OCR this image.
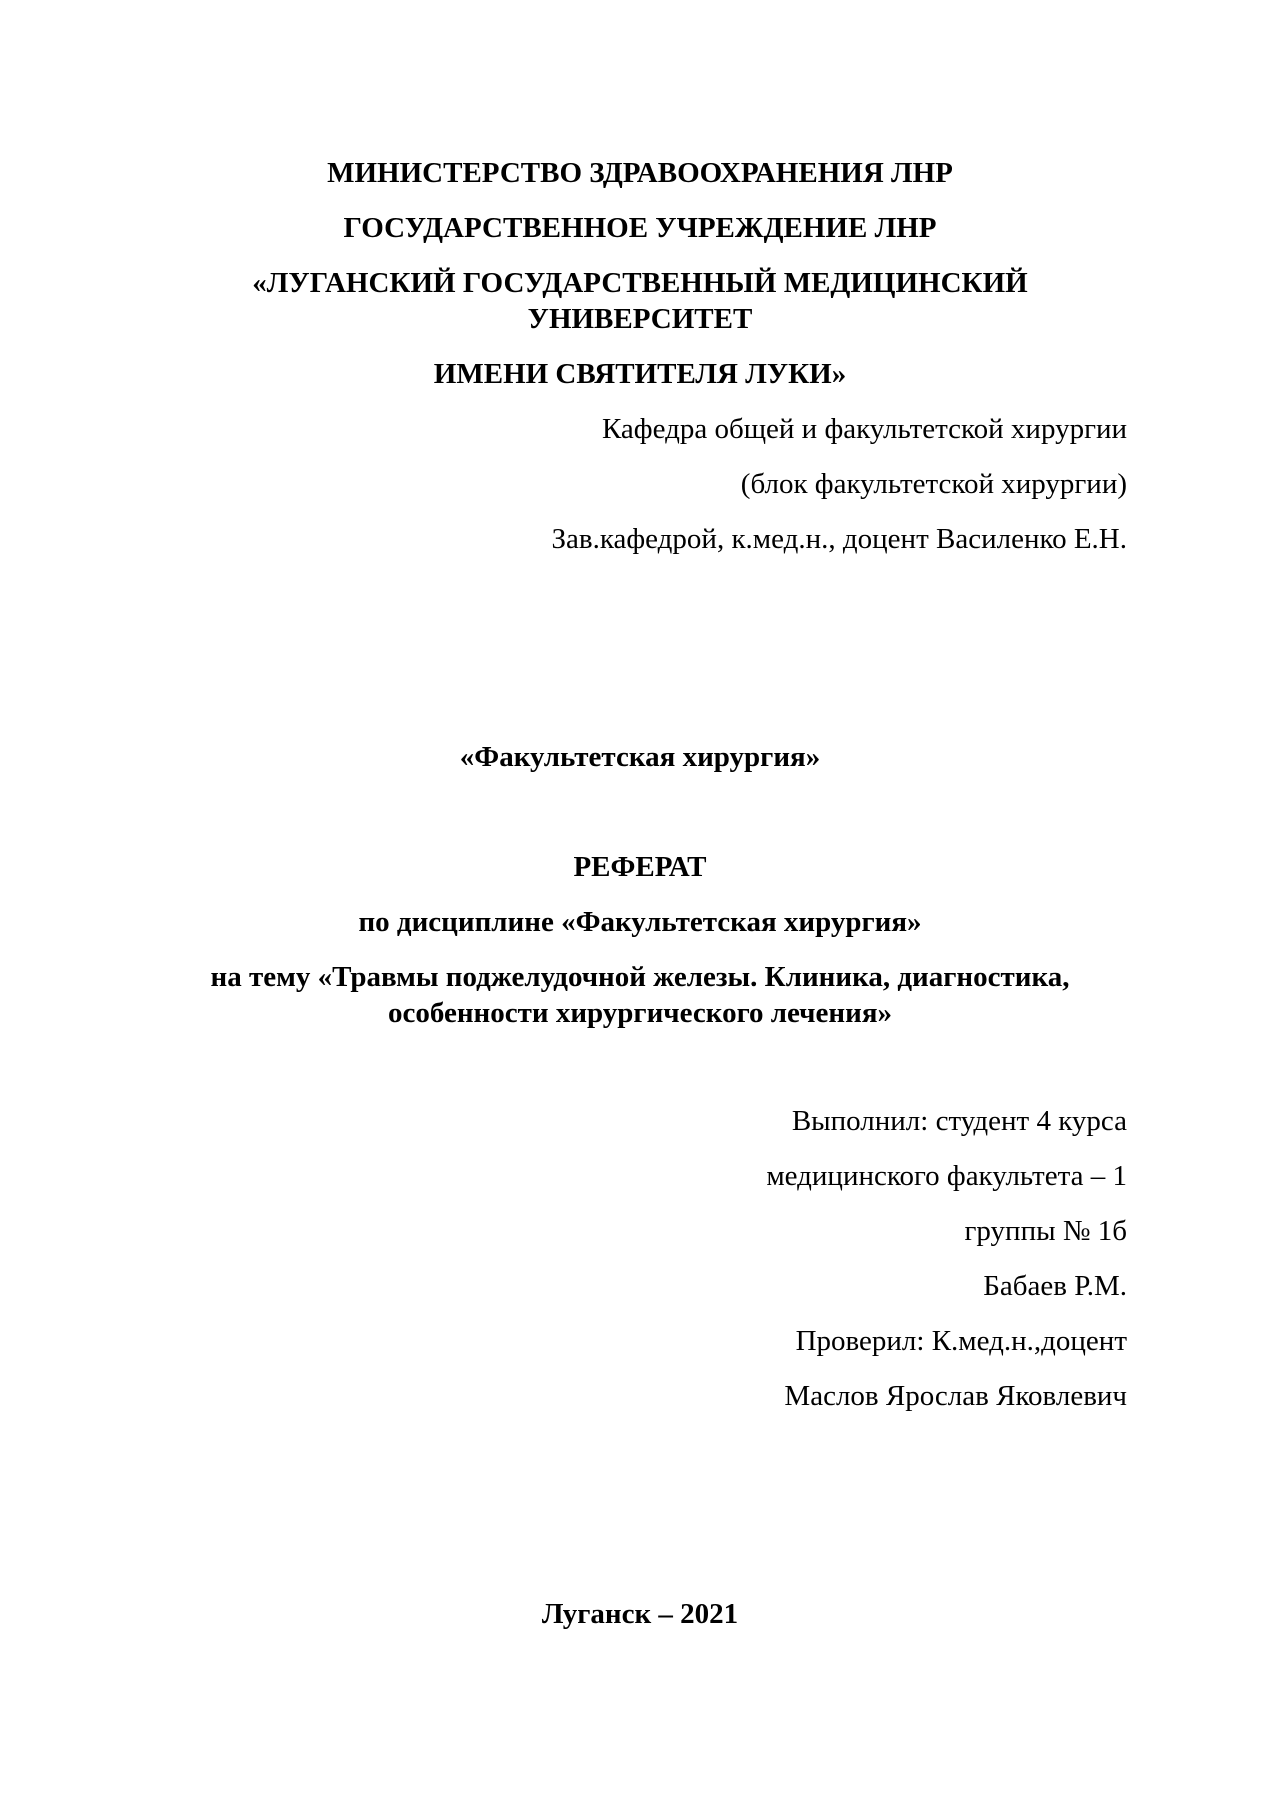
МИНИСТЕРСТВО ЗДРАВООХРАНЕНИЯ ЛНР
ГОСУДАРСТВЕННОЕ УЧРЕЖДЕНИЕ ЛНР
«ЛУГАНСКИЙ ГОСУДАРСТВЕННЫЙ МЕДИЦИНСКИЙ
УНИВЕРСИТЕТ
ИМЕНИ СВЯТИТЕЛЯ ЛУКИ»
Кафедра общей и факультетской хирургии
(блок факультетской хирургии)
Зав.кафедрой, к.мед.н., доцент Василенко Е.Н.
«Факультетская хирургия»
РЕФЕРАТ
по дисциплине «Факультетская хирургия»
на тему «Травмы поджелудочной железы. Клиника, диагностика,
особенности хирургического лечения»
Выполнил: студент 4 курса
медицинского факультета – 1
группы № 1б
Бабаев Р.М.
Проверил: К.мед.н.,доцент
Маслов Ярослав Яковлевич
Луганск – 2021
